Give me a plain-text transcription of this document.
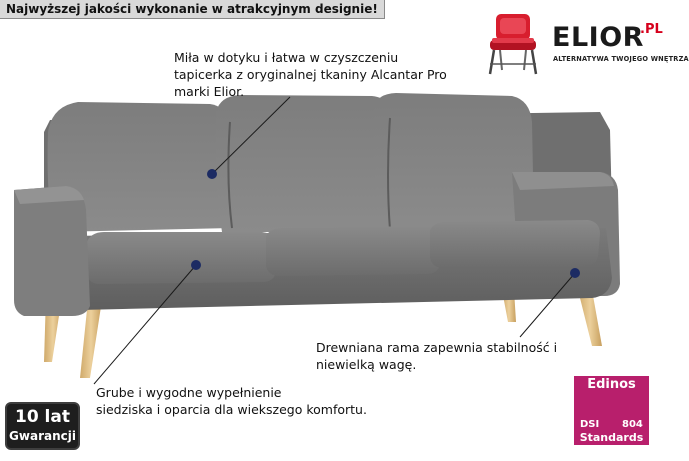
Najwyższej jakości wykonanie w atrakcyjnym designie!
ELIOR
.PL
ALTERNATYWA TWOJEGO WNĘTRZA
Miła w dotyku i łatwa w czyszczeniu
tapicerka z oryginalnej tkaniny Alcantar Pro
marki Elior.
Drewniana rama zapewnia stabilność i
niewielką wagę.
Grube i wygodne wypełnienie
siedziska i oparcia dla wiekszego komfortu.
10 lat
Gwarancji
Edinos
DSI 804
Standards
